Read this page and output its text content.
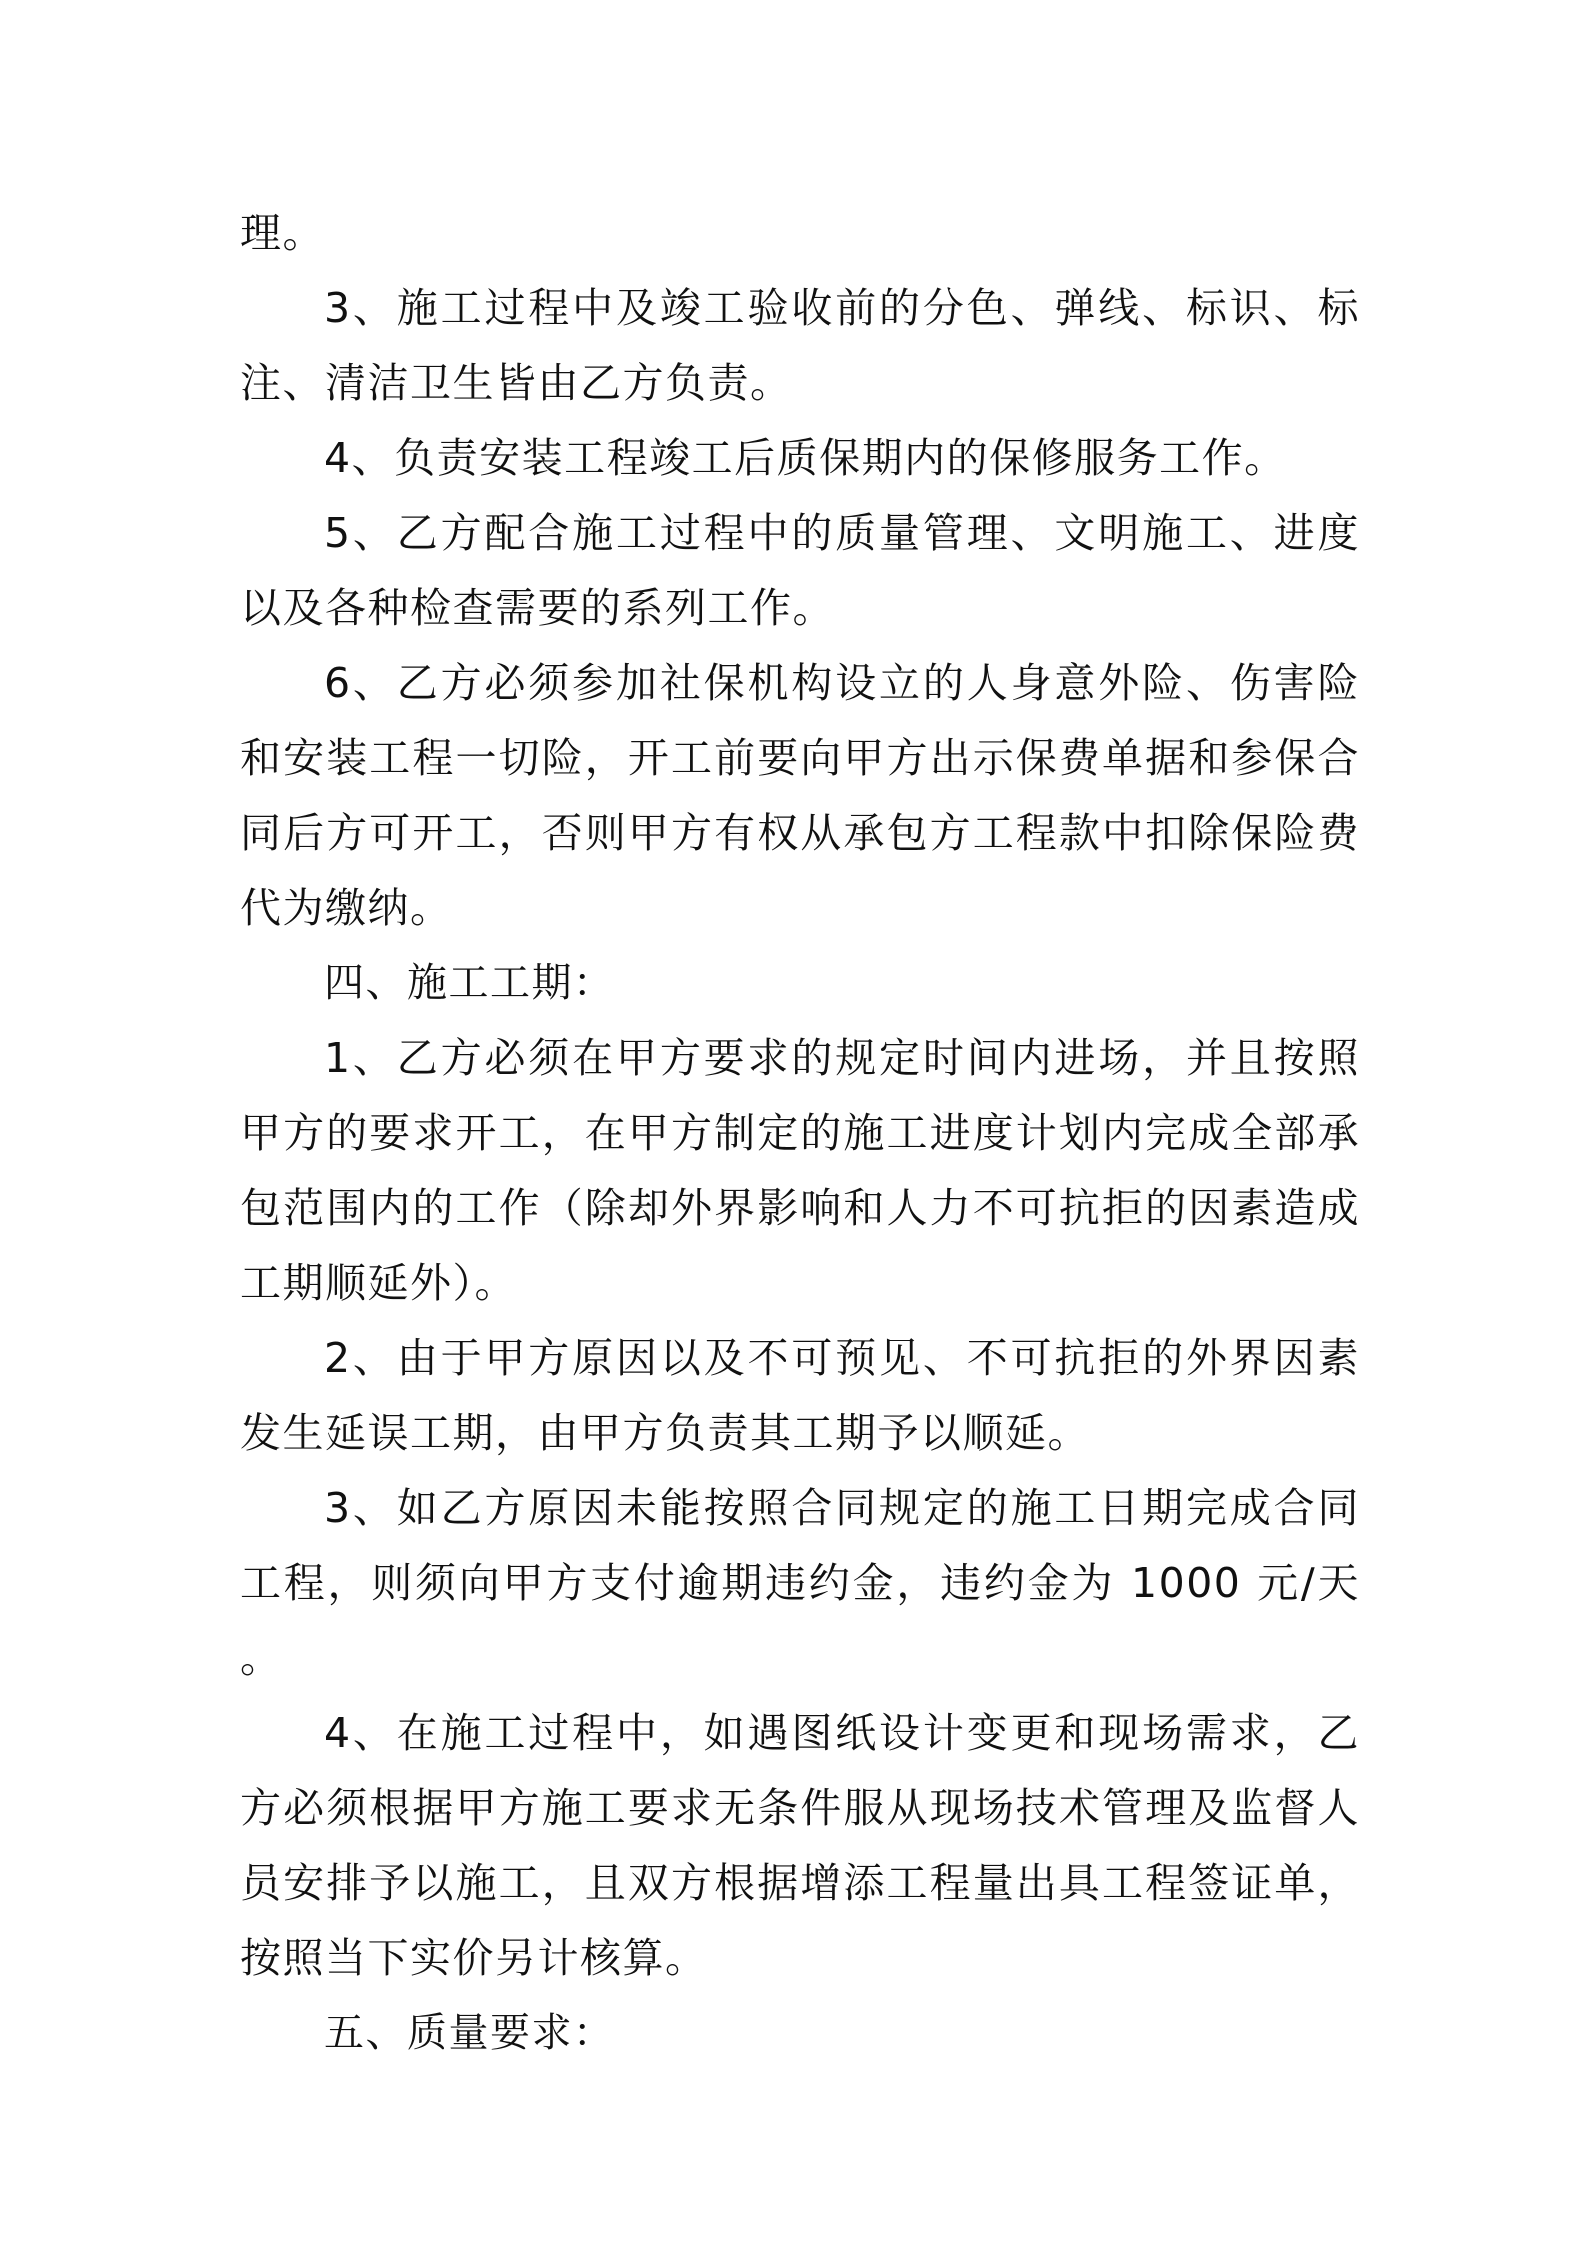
理。

3、施工过程中及竣工验收前的分色、弹线、标识、标注、清洁卫生皆由乙方负责。

4、负责安装工程竣工后质保期内的保修服务工作。

5、乙方配合施工过程中的质量管理、文明施工、进度以及各种检查需要的系列工作。

6、乙方必须参加社保机构设立的人身意外险、伤害险和安装工程一切险，开工前要向甲方出示保费单据和参保合同后方可开工，否则甲方有权从承包方工程款中扣除保险费代为缴纳。

四、施工工期：

1、乙方必须在甲方要求的规定时间内进场，并且按照甲方的要求开工，在甲方制定的施工进度计划内完成全部承包范围内的工作（除却外界影响和人力不可抗拒的因素造成工期顺延外）。

2、由于甲方原因以及不可预见、不可抗拒的外界因素发生延误工期，由甲方负责其工期予以顺延。

3、如乙方原因未能按照合同规定的施工日期完成合同工程，则须向甲方支付逾期违约金，违约金为 1000 元/天。

4、在施工过程中，如遇图纸设计变更和现场需求，乙方必须根据甲方施工要求无条件服从现场技术管理及监督人员安排予以施工，且双方根据增添工程量出具工程签证单，按照当下实价另计核算。

五、质量要求：
